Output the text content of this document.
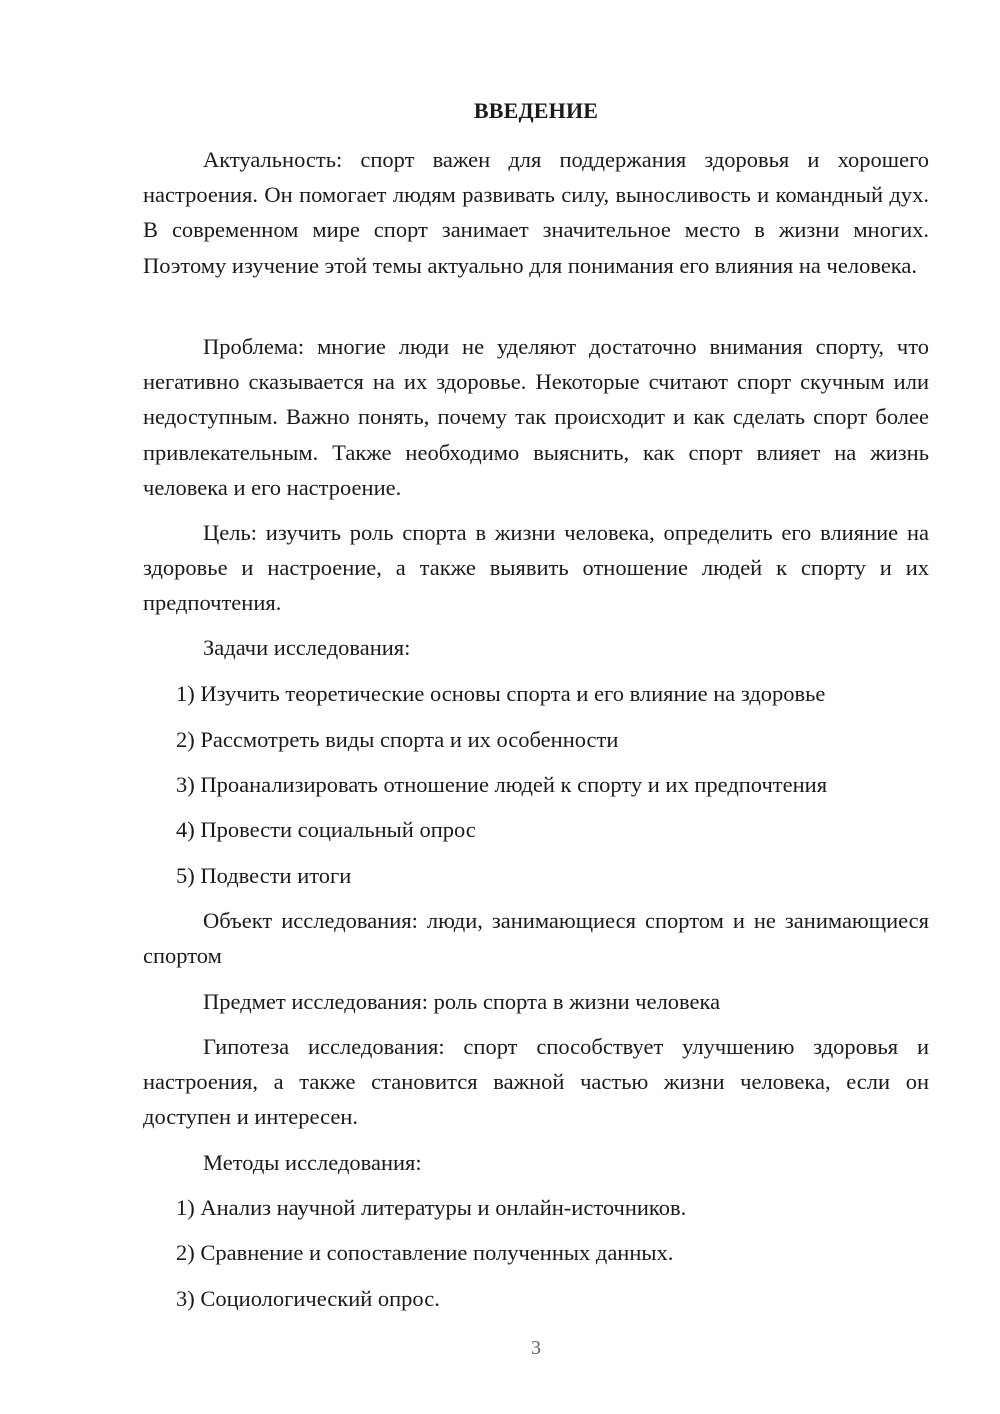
ВВЕДЕНИЕ

Актуальность: спорт важен для поддержания здоровья и хорошего настроения. Он помогает людям развивать силу, выносливость и командный дух. В современном мире спорт занимает значительное место в жизни многих. Поэтому изучение этой темы актуально для понимания его влияния на человека.

Проблема: многие люди не уделяют достаточно внимания спорту, что негативно сказывается на их здоровье. Некоторые считают спорт скучным или недоступным. Важно понять, почему так происходит и как сделать спорт более привлекательным. Также необходимо выяснить, как спорт влияет на жизнь человека и его настроение.

Цель: изучить роль спорта в жизни человека, определить его влияние на здоровье и настроение, а также выявить отношение людей к спорту и их предпочтения.

Задачи исследования:
1) Изучить теоретические основы спорта и его влияние на здоровье
2) Рассмотреть виды спорта и их особенности
3) Проанализировать отношение людей к спорту и их предпочтения
4) Провести социальный опрос
5) Подвести итоги

Объект исследования: люди, занимающиеся спортом и не занимающиеся спортом

Предмет исследования: роль спорта в жизни человека

Гипотеза исследования: спорт способствует улучшению здоровья и настроения, а также становится важной частью жизни человека, если он доступен и интересен.

Методы исследования:
1) Анализ научной литературы и онлайн-источников.
2) Сравнение и сопоставление полученных данных.
3) Социологический опрос.
3
